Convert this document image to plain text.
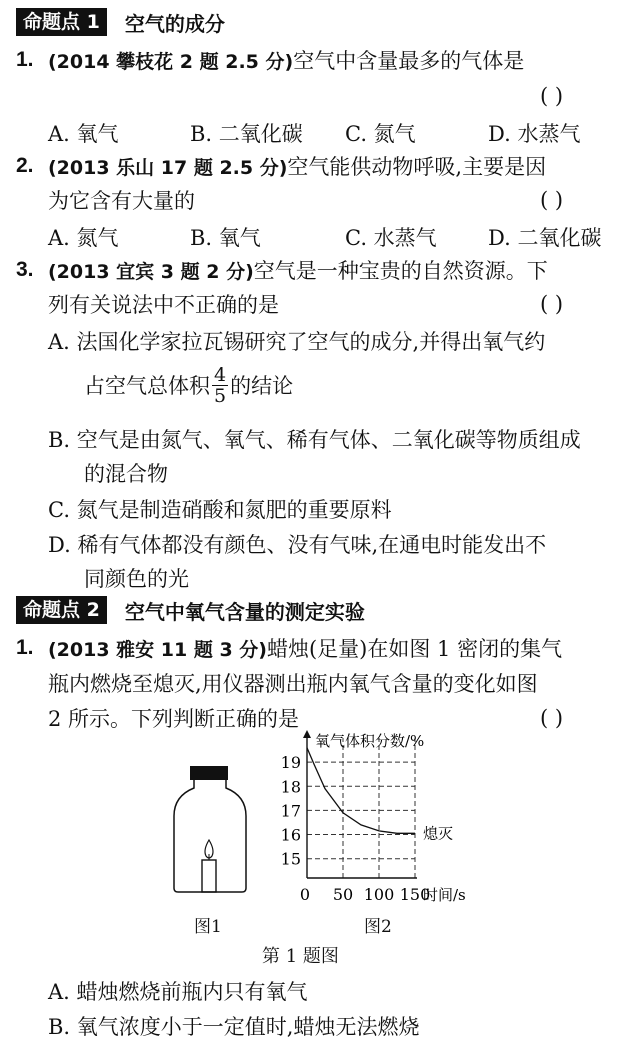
命题点 1	空气的成分
1. (2014 攀枝花 2 题 2.5 分)空气中含量最多的气体是
( )
A. 氧气	B. 二氧化碳 C. 氮气	D. 水蒸气
2. (2013 乐山 17 题 2.5 分)空气能供动物呼吸,主要是因
为它含有大量的	( )
A. 氮气	B. 氧气	C. 水蒸气 D. 二氧化碳
3. (2013 宜宾 3 题 2 分)空气是一种宝贵的自然资源。下
列有关说法中不正确的是	( )
A. 法国化学家拉瓦锡研究了空气的成分,并得出氧气约
占空气总体积 $\frac{4}{5}$ 的结论
B. 空气是由氮气、氧气、稀有气体、二氧化碳等物质组成
的混合物
C. 氮气是制造硝酸和氮肥的重要原料
D. 稀有气体都没有颜色、没有气味,在通电时能发出不
同颜色的光
命题点 2	空气中氧气含量的测定实验
1. (2013 雅安 11 题 3 分)蜡烛(足量)在如图 1 密闭的集气
瓶内燃烧至熄灭,用仪器测出瓶内氧气含量的变化如图
2 所示。下列判断正确的是	( )
图1
19
18
17
16
15
0 50 100 150
氧气体积分数/%
时间/s
熄灭
图2
第 1 题图
A. 蜡烛燃烧前瓶内只有氧气
B. 氧气浓度小于一定值时,蜡烛无法燃烧
